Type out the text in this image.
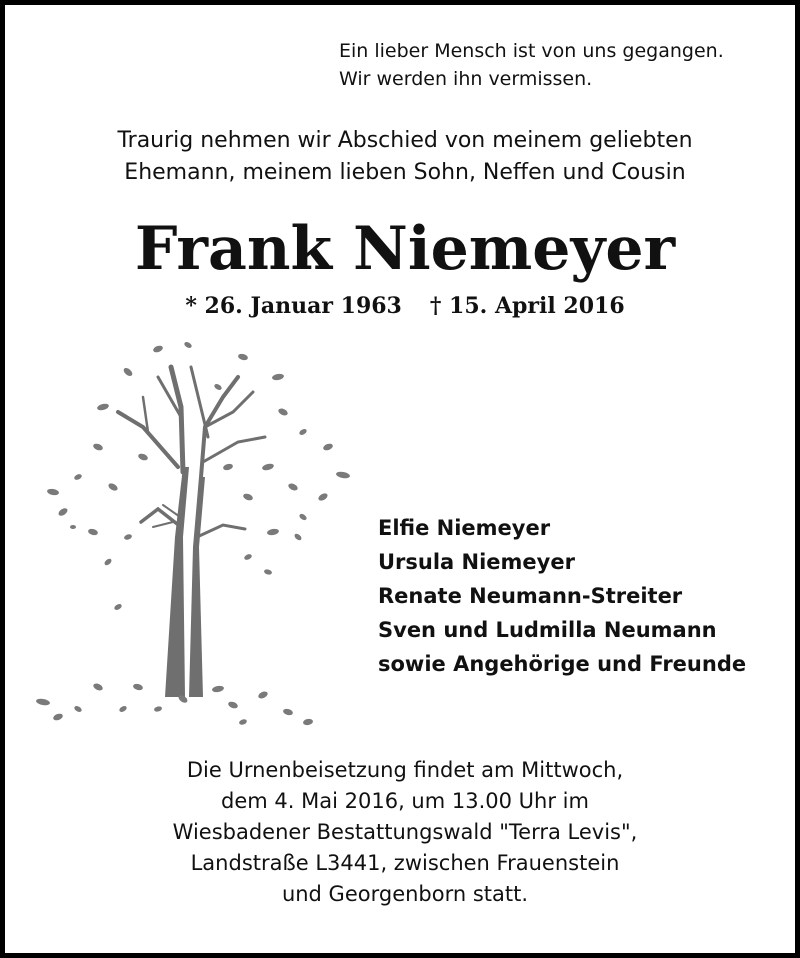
Ein lieber Mensch ist von uns gegangen.
Wir werden ihn vermissen.
Traurig nehmen wir Abschied von meinem geliebten
Ehemann, meinem lieben Sohn, Neffen und Cousin
Frank Niemeyer
* 26. Januar 1963 † 15. April 2016
Elfie Niemeyer
Ursula Niemeyer
Renate Neumann-Streiter
Sven und Ludmilla Neumann
sowie Angehörige und Freunde
Die Urnenbeisetzung findet am Mittwoch,
dem 4. Mai 2016, um 13.00 Uhr im
Wiesbadener Bestattungswald "Terra Levis",
Landstraße L3441, zwischen Frauenstein
und Georgenborn statt.
